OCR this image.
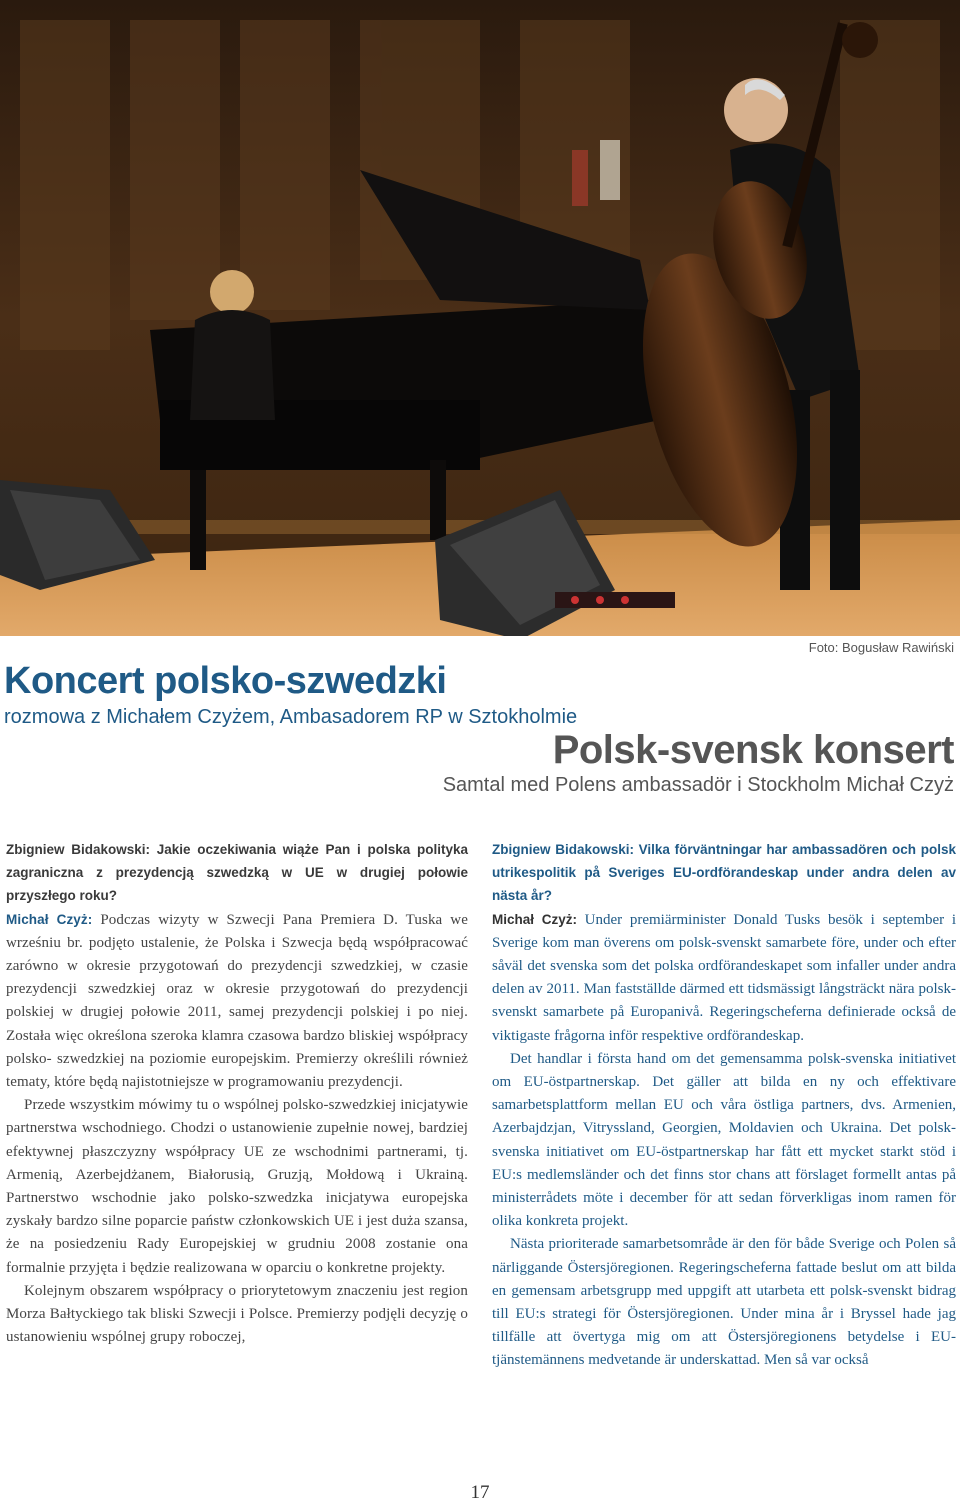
Foto: Bogusław Rawiński
Koncert polsko-szwedzki
rozmowa z Michałem Czyżem, Ambasadorem RP w Sztokholmie
Polsk-svensk konsert
Samtal med Polens ambassadör i Stockholm Michał Czyż

Zbigniew Bidakowski: Jakie oczekiwania wiąże Pan i polska polityka zagraniczna z prezydencją szwedzką w UE w drugiej połowie przyszłego roku?

Michał Czyż: Podczas wizyty w Szwecji Pana Premiera D. Tuska we wrześniu br. podjęto ustalenie, że Polska i Szwecja będą współpracować zarówno w okresie przygotowań do prezydencji szwedzkiej, w czasie prezydencji szwedzkiej oraz w okresie przygotowań do prezydencji polskiej w drugiej połowie 2011, samej prezydencji polskiej i po niej. Została więc określona szeroka klamra czasowa bardzo bliskiej współpracy polsko- szwedzkiej na poziomie europejskim. Premierzy określili również tematy, które będą najistotniejsze w programowaniu prezydencji.

Przede wszystkim mówimy tu o wspólnej polsko-szwedzkiej inicjatywie partnerstwa wschodniego. Chodzi o ustanowienie zupełnie nowej, bardziej efektywnej płaszczyzny współpracy UE ze wschodnimi partnerami, tj. Armenią, Azerbejdżanem, Białorusią, Gruzją, Mołdową i Ukrainą. Partnerstwo wschodnie jako polsko-szwedzka inicjatywa europejska zyskały bardzo silne poparcie państw członkowskich UE i jest duża szansa, że na posiedzeniu Rady Europejskiej w grudniu 2008 zostanie ona formalnie przyjęta i będzie realizowana w oparciu o konkretne projekty.

Kolejnym obszarem współpracy o priorytetowym znaczeniu jest region Morza Bałtyckiego tak bliski Szwecji i Polsce. Premierzy podjęli decyzję o ustanowieniu wspólnej grupy roboczej,

Zbigniew Bidakowski: Vilka förväntningar har ambassadören och polsk utrikespolitik på Sveriges EU-ordförandeskap under andra delen av nästa år?

Michał Czyż: Under premiärminister Donald Tusks besök i september i Sverige kom man överens om polsk-svenskt samarbete före, under och efter såväl det svenska som det polska ordförandeskapet som infaller under andra delen av 2011. Man fastställde därmed ett tidsmässigt långsträckt nära polsk-svenskt samarbete på Europanivå. Regeringscheferna definierade också de viktigaste frågorna inför respektive ordförandeskap.

Det handlar i första hand om det gemensamma polsk-svenska initiativet om EU-östpartnerskap. Det gäller att bilda en ny och effektivare samarbetsplattform mellan EU och våra östliga partners, dvs. Armenien, Azerbajdzjan, Vitryssland, Georgien, Moldavien och Ukraina. Det polsk-svenska initiativet om EU-östpartnerskap har fått ett mycket starkt stöd i EU:s medlemsländer och det finns stor chans att förslaget formellt antas på ministerrådets möte i december för att sedan förverkligas inom ramen för olika konkreta projekt.

Nästa prioriterade samarbetsområde är den för både Sverige och Polen så närliggande Östersjöregionen. Regeringscheferna fattade beslut om att bilda en gemensam arbetsgrupp med uppgift att utarbeta ett polsk-svenskt bidrag till EU:s strategi för Östersjöregionen. Under mina år i Bryssel hade jag tillfälle att övertyga mig om att Östersjöregionens betydelse i EU-tjänstemännens medvetande är underskattad. Men så var också

17
